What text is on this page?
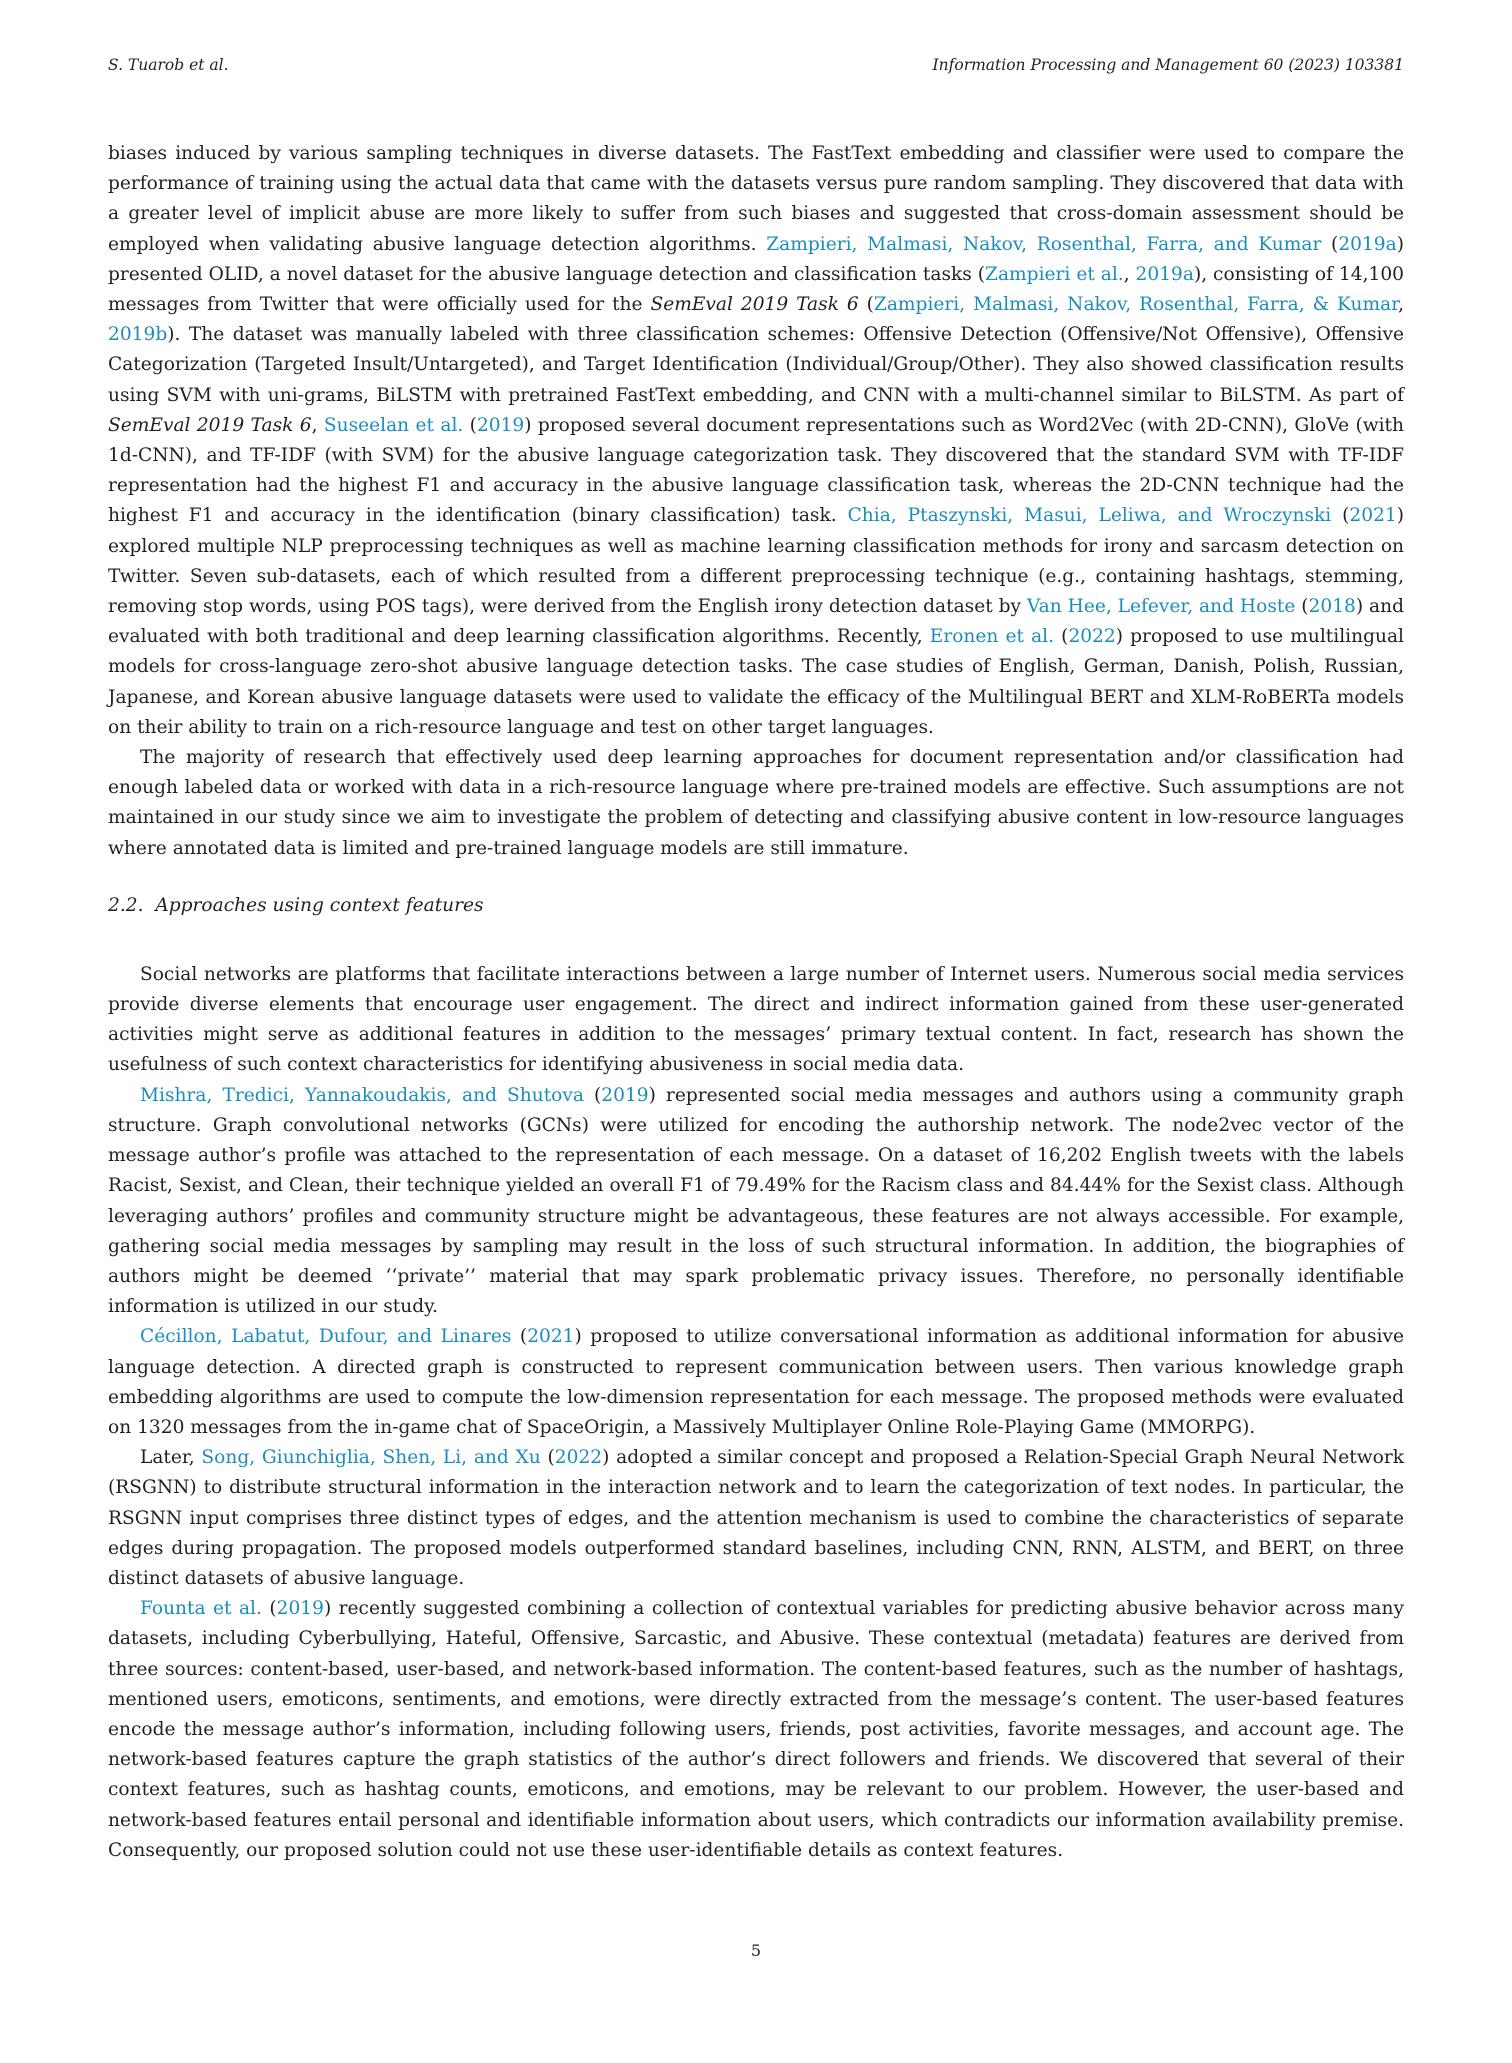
S. Tuarob et al.	Information Processing and Management 60 (2023) 103381

biases induced by various sampling techniques in diverse datasets. The FastText embedding and classifier were used to compare the performance of training using the actual data that came with the datasets versus pure random sampling. They discovered that data with a greater level of implicit abuse are more likely to suffer from such biases and suggested that cross-domain assessment should be employed when validating abusive language detection algorithms. Zampieri, Malmasi, Nakov, Rosenthal, Farra, and Kumar (2019a) presented OLID, a novel dataset for the abusive language detection and classification tasks (Zampieri et al., 2019a), consisting of 14,100 messages from Twitter that were officially used for the SemEval 2019 Task 6 (Zampieri, Malmasi, Nakov, Rosenthal, Farra, & Kumar, 2019b). The dataset was manually labeled with three classification schemes: Offensive Detection (Offensive/Not Offensive), Offensive Categorization (Targeted Insult/Untargeted), and Target Identification (Individual/Group/Other). They also showed classification results using SVM with uni-grams, BiLSTM with pretrained FastText embedding, and CNN with a multi-channel similar to BiLSTM. As part of SemEval 2019 Task 6, Suseelan et al. (2019) proposed several document representations such as Word2Vec (with 2D-CNN), GloVe (with 1d-CNN), and TF-IDF (with SVM) for the abusive language categorization task. They discovered that the standard SVM with TF-IDF representation had the highest F1 and accuracy in the abusive language classification task, whereas the 2D-CNN technique had the highest F1 and accuracy in the identification (binary classification) task. Chia, Ptaszynski, Masui, Leliwa, and Wroczynski (2021) explored multiple NLP preprocessing techniques as well as machine learning classification methods for irony and sarcasm detection on Twitter. Seven sub-datasets, each of which resulted from a different preprocessing technique (e.g., containing hashtags, stemming, removing stop words, using POS tags), were derived from the English irony detection dataset by Van Hee, Lefever, and Hoste (2018) and evaluated with both traditional and deep learning classification algorithms. Recently, Eronen et al. (2022) proposed to use multilingual models for cross-language zero-shot abusive language detection tasks. The case studies of English, German, Danish, Polish, Russian, Japanese, and Korean abusive language datasets were used to validate the efficacy of the Multilingual BERT and XLM-RoBERTa models on their ability to train on a rich-resource language and test on other target languages.

The majority of research that effectively used deep learning approaches for document representation and/or classification had enough labeled data or worked with data in a rich-resource language where pre-trained models are effective. Such assumptions are not maintained in our study since we aim to investigate the problem of detecting and classifying abusive content in low-resource languages where annotated data is limited and pre-trained language models are still immature.

2.2. Approaches using context features

Social networks are platforms that facilitate interactions between a large number of Internet users. Numerous social media services provide diverse elements that encourage user engagement. The direct and indirect information gained from these user-generated activities might serve as additional features in addition to the messages’ primary textual content. In fact, research has shown the usefulness of such context characteristics for identifying abusiveness in social media data.

Mishra, Tredici, Yannakoudakis, and Shutova (2019) represented social media messages and authors using a community graph structure. Graph convolutional networks (GCNs) were utilized for encoding the authorship network. The node2vec vector of the message author’s profile was attached to the representation of each message. On a dataset of 16,202 English tweets with the labels Racist, Sexist, and Clean, their technique yielded an overall F1 of 79.49% for the Racism class and 84.44% for the Sexist class. Although leveraging authors’ profiles and community structure might be advantageous, these features are not always accessible. For example, gathering social media messages by sampling may result in the loss of such structural information. In addition, the biographies of authors might be deemed ‘‘private’’ material that may spark problematic privacy issues. Therefore, no personally identifiable information is utilized in our study.

Cécillon, Labatut, Dufour, and Linares (2021) proposed to utilize conversational information as additional information for abusive language detection. A directed graph is constructed to represent communication between users. Then various knowledge graph embedding algorithms are used to compute the low-dimension representation for each message. The proposed methods were evaluated on 1320 messages from the in-game chat of SpaceOrigin, a Massively Multiplayer Online Role-Playing Game (MMORPG).

Later, Song, Giunchiglia, Shen, Li, and Xu (2022) adopted a similar concept and proposed a Relation-Special Graph Neural Network (RSGNN) to distribute structural information in the interaction network and to learn the categorization of text nodes. In particular, the RSGNN input comprises three distinct types of edges, and the attention mechanism is used to combine the characteristics of separate edges during propagation. The proposed models outperformed standard baselines, including CNN, RNN, ALSTM, and BERT, on three distinct datasets of abusive language.

Founta et al. (2019) recently suggested combining a collection of contextual variables for predicting abusive behavior across many datasets, including Cyberbullying, Hateful, Offensive, Sarcastic, and Abusive. These contextual (metadata) features are derived from three sources: content-based, user-based, and network-based information. The content-based features, such as the number of hashtags, mentioned users, emoticons, sentiments, and emotions, were directly extracted from the message’s content. The user-based features encode the message author’s information, including following users, friends, post activities, favorite messages, and account age. The network-based features capture the graph statistics of the author’s direct followers and friends. We discovered that several of their context features, such as hashtag counts, emoticons, and emotions, may be relevant to our problem. However, the user-based and network-based features entail personal and identifiable information about users, which contradicts our information availability premise. Consequently, our proposed solution could not use these user-identifiable details as context features.

5
